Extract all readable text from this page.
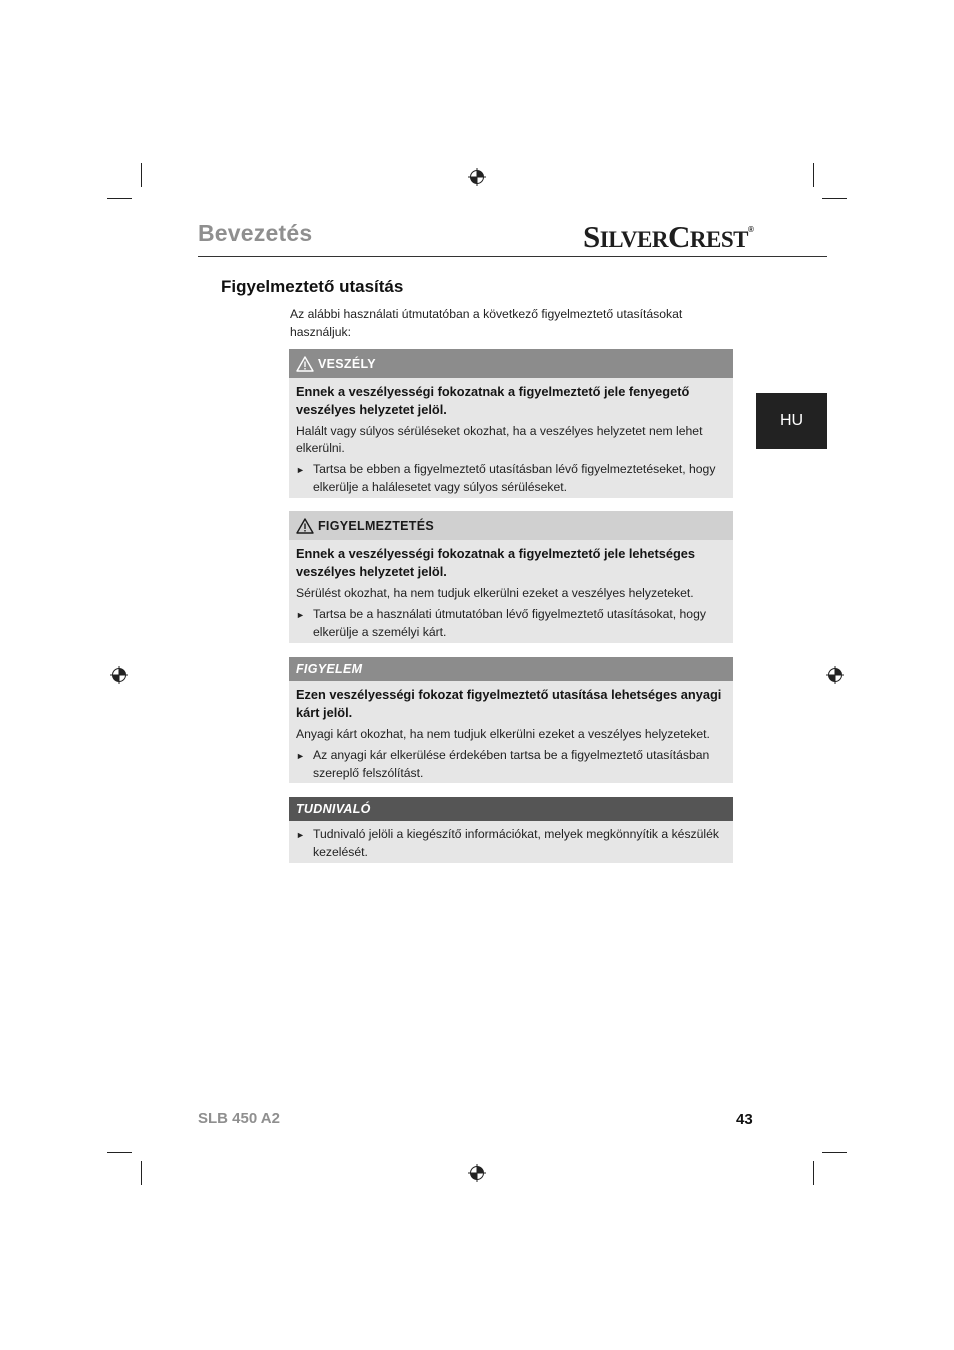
Bevezetés	SILVERCREST®
HU
Figyelmeztető utasítás
Az alábbi használati útmutatóban a következő figyelmeztető utasításokat használjuk:
VESZÉLY

Ennek a veszélyességi fokozatnak a figyelmeztető jele fenyegető veszélyes helyzetet jelöl.

Halált vagy súlyos sérüléseket okozhat, ha a veszélyes helyzetet nem lehet elkerülni.

► Tartsa be ebben a figyelmeztető utasításban lévő figyelmeztetéseket, hogy elkerülje a halálesetet vagy súlyos sérüléseket.
FIGYELMEZTETÉS

Ennek a veszélyességi fokozatnak a figyelmeztető jele lehetséges veszélyes helyzetet jelöl.

Sérülést okozhat, ha nem tudjuk elkerülni ezeket a veszélyes helyzeteket.

► Tartsa be a használati útmutatóban lévő figyelmeztető utasításokat, hogy elkerülje a személyi kárt.
FIGYELEM

Ezen veszélyességi fokozat figyelmeztető utasítása lehetséges anyagi kárt jelöl.

Anyagi kárt okozhat, ha nem tudjuk elkerülni ezeket a veszélyes helyzeteket.

► Az anyagi kár elkerülése érdekében tartsa be a figyelmeztető utasításban szereplő felszólítást.
TUDNIVALÓ
► Tudnivaló jelöli a kiegészítő információkat, melyek megkönnyítik a készülék kezelését.
SLB 450 A2	43
